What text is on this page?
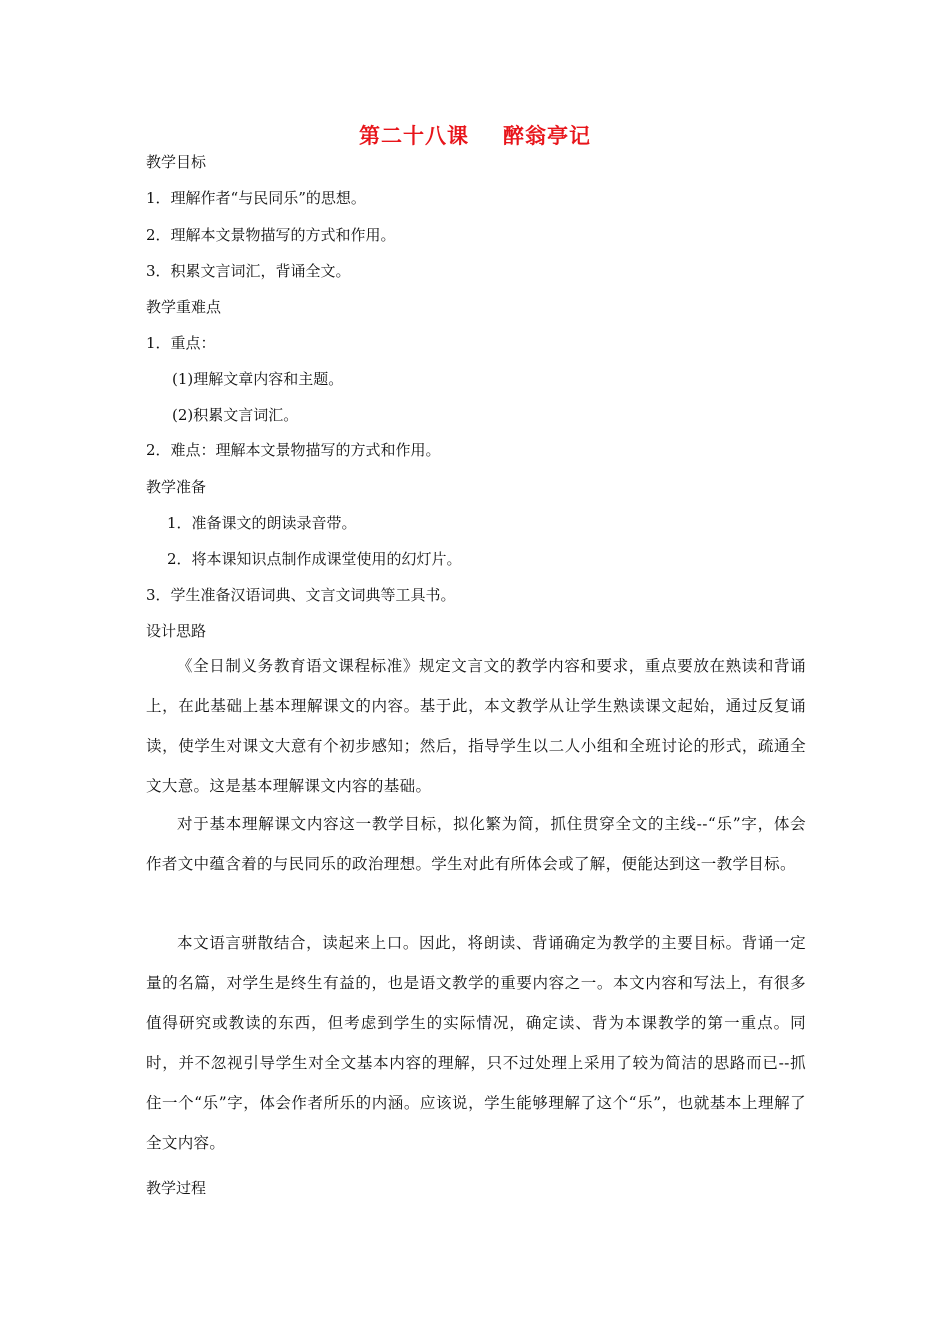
第二十八课 醉翁亭记
教学目标
1．理解作者“与民同乐”的思想。
2．理解本文景物描写的方式和作用。
3．积累文言词汇，背诵全文。
教学重难点
1．重点：
(1)理解文章内容和主题。
(2)积累文言词汇。
2．难点：理解本文景物描写的方式和作用。
教学准备
1．准备课文的朗读录音带。
2．将本课知识点制作成课堂使用的幻灯片。
3．学生准备汉语词典、文言文词典等工具书。
设计思路
《全日制义务教育语文课程标准》规定文言文的教学内容和要求，重点要放在熟读和背诵上，在此基础上基本理解课文的内容。基于此，本文教学从让学生熟读课文起始，通过反复诵读，使学生对课文大意有个初步感知；然后，指导学生以二人小组和全班讨论的形式，疏通全文大意。这是基本理解课文内容的基础。
对于基本理解课文内容这一教学目标，拟化繁为简，抓住贯穿全文的主线--“乐”字，体会作者文中蕴含着的与民同乐的政治理想。学生对此有所体会或了解，便能达到这一教学目标。
本文语言骈散结合，读起来上口。因此，将朗读、背诵确定为教学的主要目标。背诵一定量的名篇，对学生是终生有益的，也是语文教学的重要内容之一。本文内容和写法上，有很多值得研究或教读的东西，但考虑到学生的实际情况，确定读、背为本课教学的第一重点。同时，并不忽视引导学生对全文基本内容的理解，只不过处理上采用了较为简洁的思路而已--抓住一个“乐”字，体会作者所乐的内涵。应该说，学生能够理解了这个“乐”，也就基本上理解了全文内容。
教学过程
